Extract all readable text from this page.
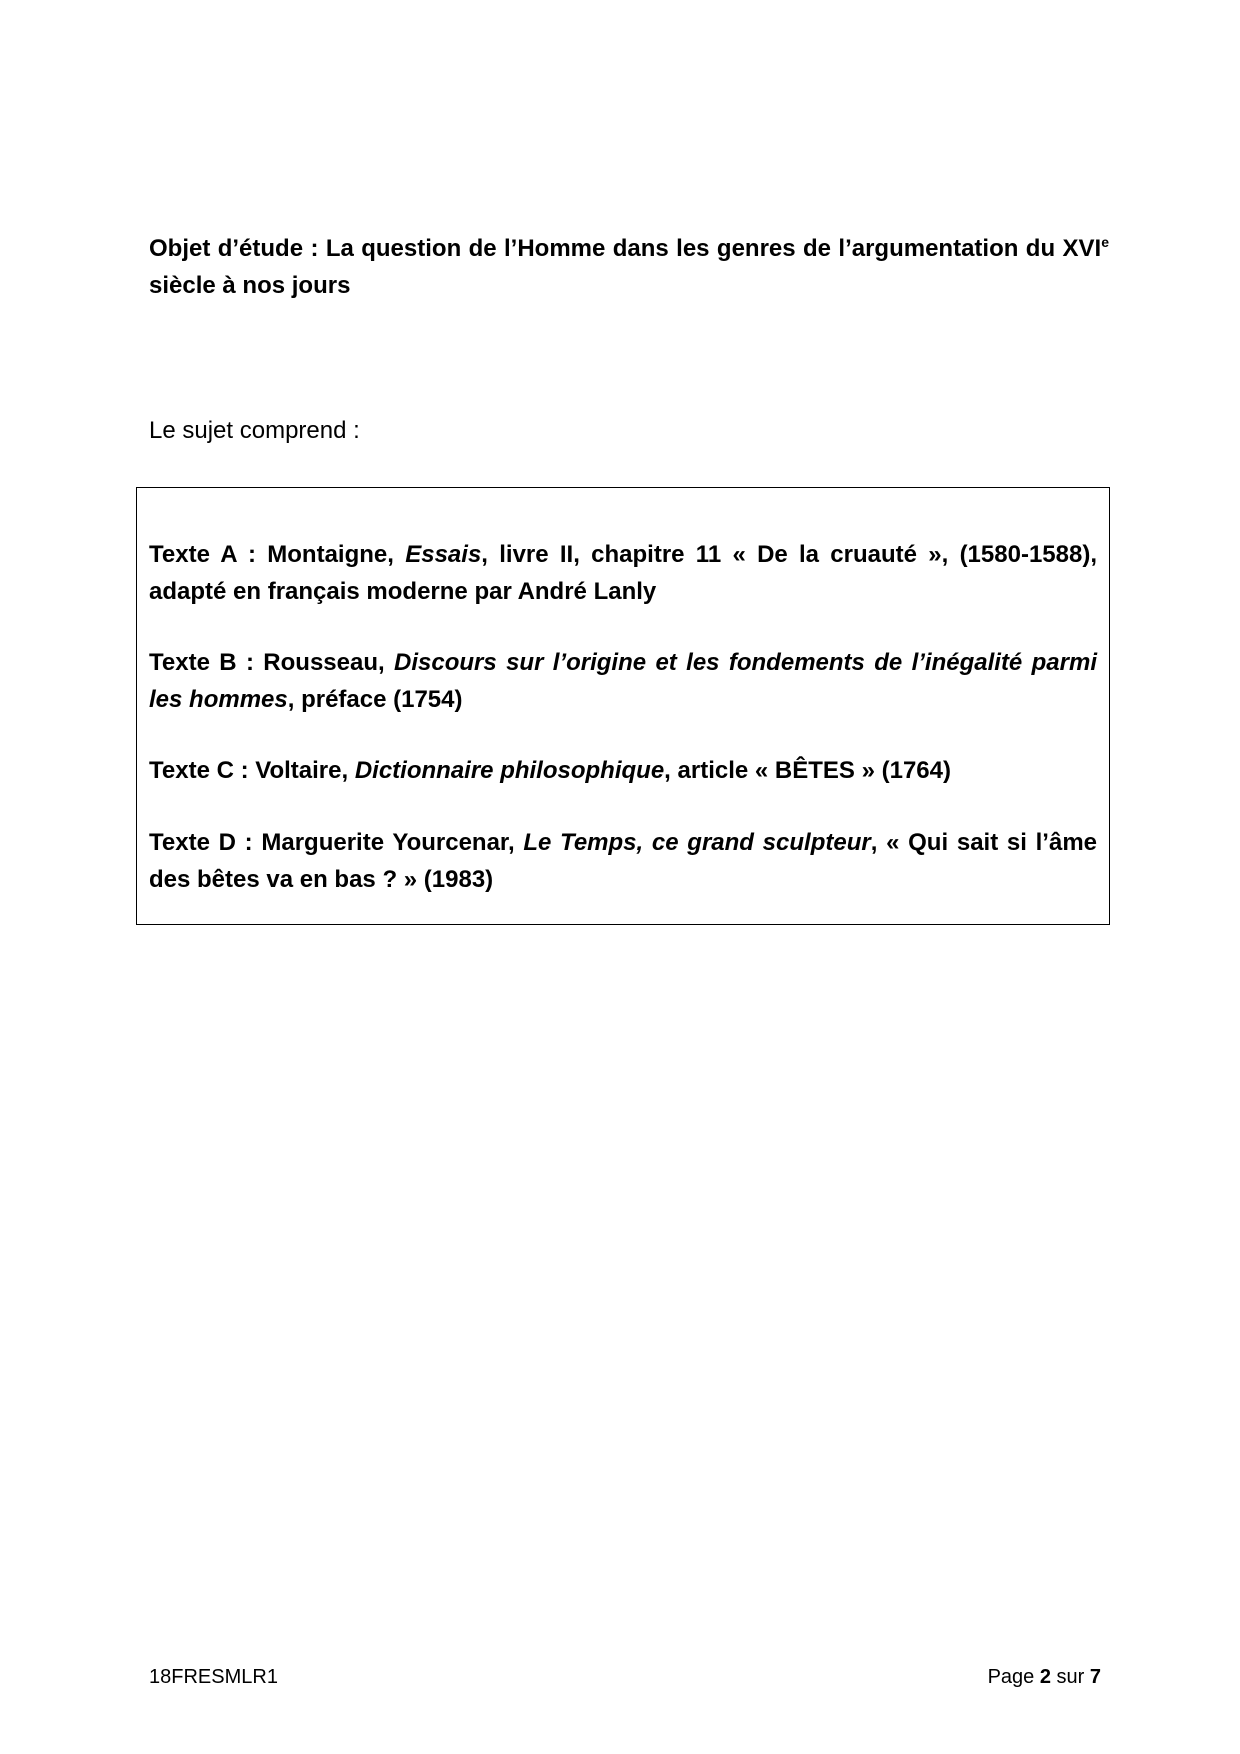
Objet d’étude : La question de l’Homme dans les genres de l’argumentation du XVIe siècle à nos jours
Le sujet comprend :
Texte A : Montaigne, Essais, livre II, chapitre 11 « De la cruauté », (1580-1588), adapté en français moderne par André Lanly
Texte B : Rousseau, Discours sur l’origine et les fondements de l’inégalité parmi les hommes, préface (1754)
Texte C : Voltaire, Dictionnaire philosophique, article « BÊTES » (1764)
Texte D : Marguerite Yourcenar, Le Temps, ce grand sculpteur, « Qui sait si l’âme des bêtes va en bas ? » (1983)
18FRESMLR1	Page 2 sur 7
